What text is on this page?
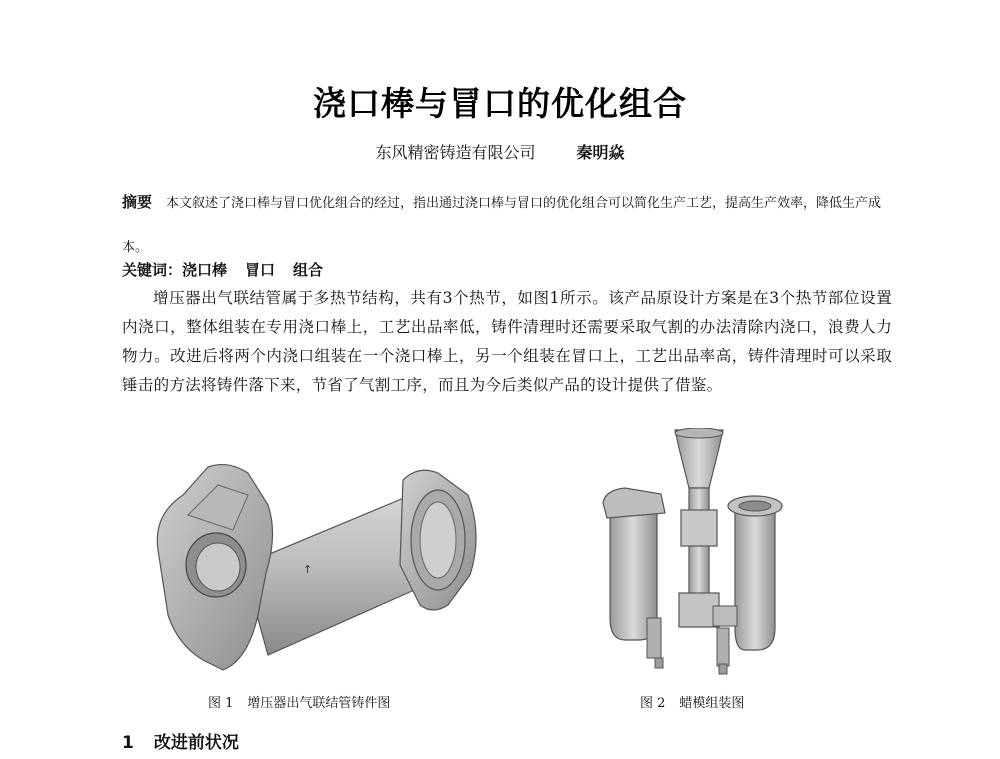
浇口棒与冒口的优化组合
东风精密铸造有限公司	秦明焱
摘要 本文叙述了浇口棒与冒口优化组合的经过，指出通过浇口棒与冒口的优化组合可以简化生产工艺，提高生产效率，降低生产成本。
关键词：浇口棒 冒口 组合
增压器出气联结管属于多热节结构，共有3个热节，如图1所示。该产品原设计方案是在3个热节部位设置内浇口，整体组装在专用浇口棒上，工艺出品率低，铸件清理时还需要采取气割的办法清除内浇口，浪费人力物力。改进后将两个内浇口组装在一个浇口棒上，另一个组装在冒口上，工艺出品率高，铸件清理时可以采取锤击的方法将铸件落下来，节省了气割工序，而且为今后类似产品的设计提供了借鉴。
↑
图 1 增压器出气联结管铸件图	图 2 蜡模组装图
1 改进前状况
